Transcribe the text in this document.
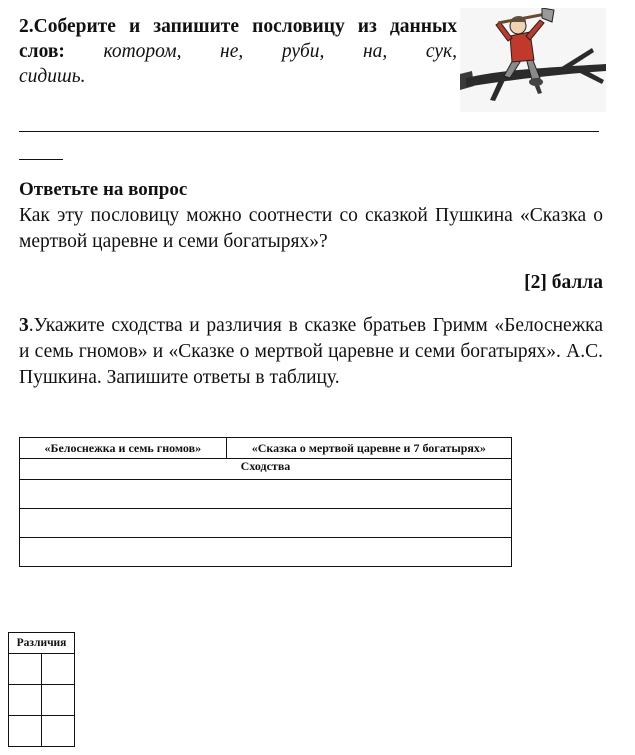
2.Соберите и запишите пословицу из данных слов: котором, не, руби, на, сук,
сидишь.
Ответьте на вопрос
Как эту пословицу можно соотнести со сказкой Пушкина «Сказка о мертвой царевне и семи богатырях»?
[2] балла
3.Укажите сходства и различия в сказке братьев Гримм «Белоснежка и семь гномов» и «Сказке о мертвой царевне и семи богатырях». А.С. Пушкина. Запишите ответы в таблицу.
«Белоснежка и семь гномов»	«Сказка о мертвой царевне и 7 богатырях»
Сходства

Различия	
